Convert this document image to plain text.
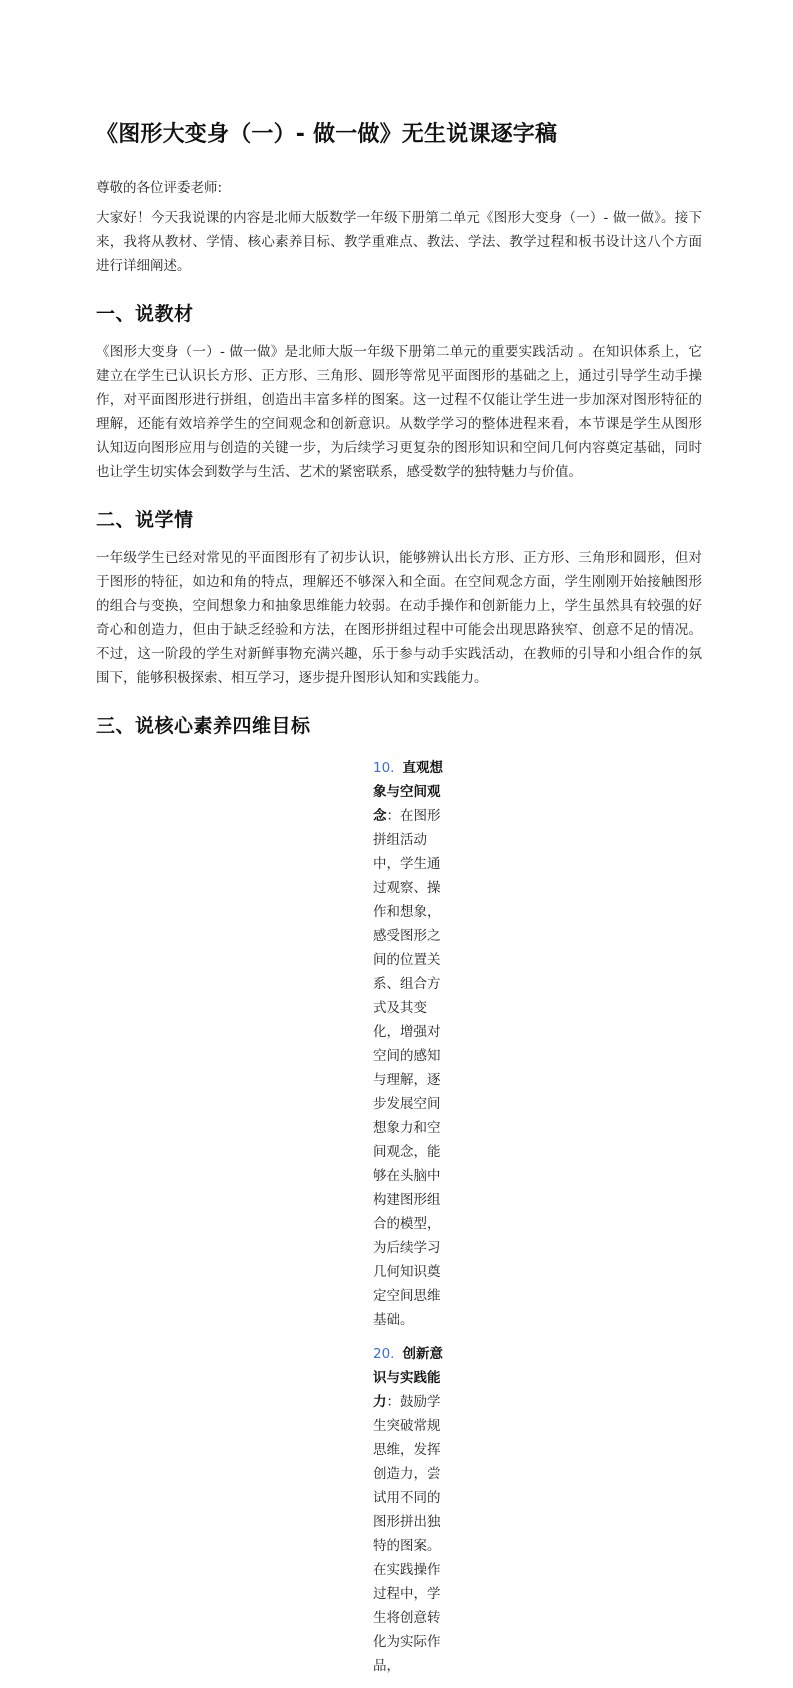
《图形大变身（一）- 做一做》无生说课逐字稿

尊敬的各位评委老师:

大家好！今天我说课的内容是北师大版数学一年级下册第二单元《图形大变身（一）- 做一做》。接下来，我将从教材、学情、核心素养目标、教学重难点、教法、学法、教学过程和板书设计这八个方面进行详细阐述。

一、说教材

《图形大变身（一）- 做一做》是北师大版一年级下册第二单元的重要实践活动 。在知识体系上，它建立在学生已认识长方形、正方形、三角形、圆形等常见平面图形的基础之上，通过引导学生动手操作，对平面图形进行拼组，创造出丰富多样的图案。这一过程不仅能让学生进一步加深对图形特征的理解，还能有效培养学生的空间观念和创新意识。从数学学习的整体进程来看，本节课是学生从图形认知迈向图形应用与创造的关键一步，为后续学习更复杂的图形知识和空间几何内容奠定基础，同时也让学生切实体会到数学与生活、艺术的紧密联系，感受数学的独特魅力与价值。

二、说学情

一年级学生已经对常见的平面图形有了初步认识，能够辨认出长方形、正方形、三角形和圆形，但对于图形的特征，如边和角的特点，理解还不够深入和全面。在空间观念方面，学生刚刚开始接触图形的组合与变换，空间想象力和抽象思维能力较弱。在动手操作和创新能力上，学生虽然具有较强的好奇心和创造力，但由于缺乏经验和方法，在图形拼组过程中可能会出现思路狭窄、创意不足的情况。不过，这一阶段的学生对新鲜事物充满兴趣，乐于参与动手实践活动，在教师的引导和小组合作的氛围下，能够积极探索、相互学习，逐步提升图形认知和实践能力。

三、说核心素养四维目标
10. 直观想象与空间观念：在图形拼组活动中，学生通过观察、操作和想象，感受图形之间的位置关系、组合方式及其变化，增强对空间的感知与理解，逐步发展空间想象力和空间观念，能够在头脑中构建图形组合的模型，为后续学习几何知识奠定空间思维基础。
20. 创新意识与实践能力：鼓励学生突破常规思维，发挥创造力，尝试用不同的图形拼出独特的图案。在实践操作过程中，学生将创意转化为实际作品，
